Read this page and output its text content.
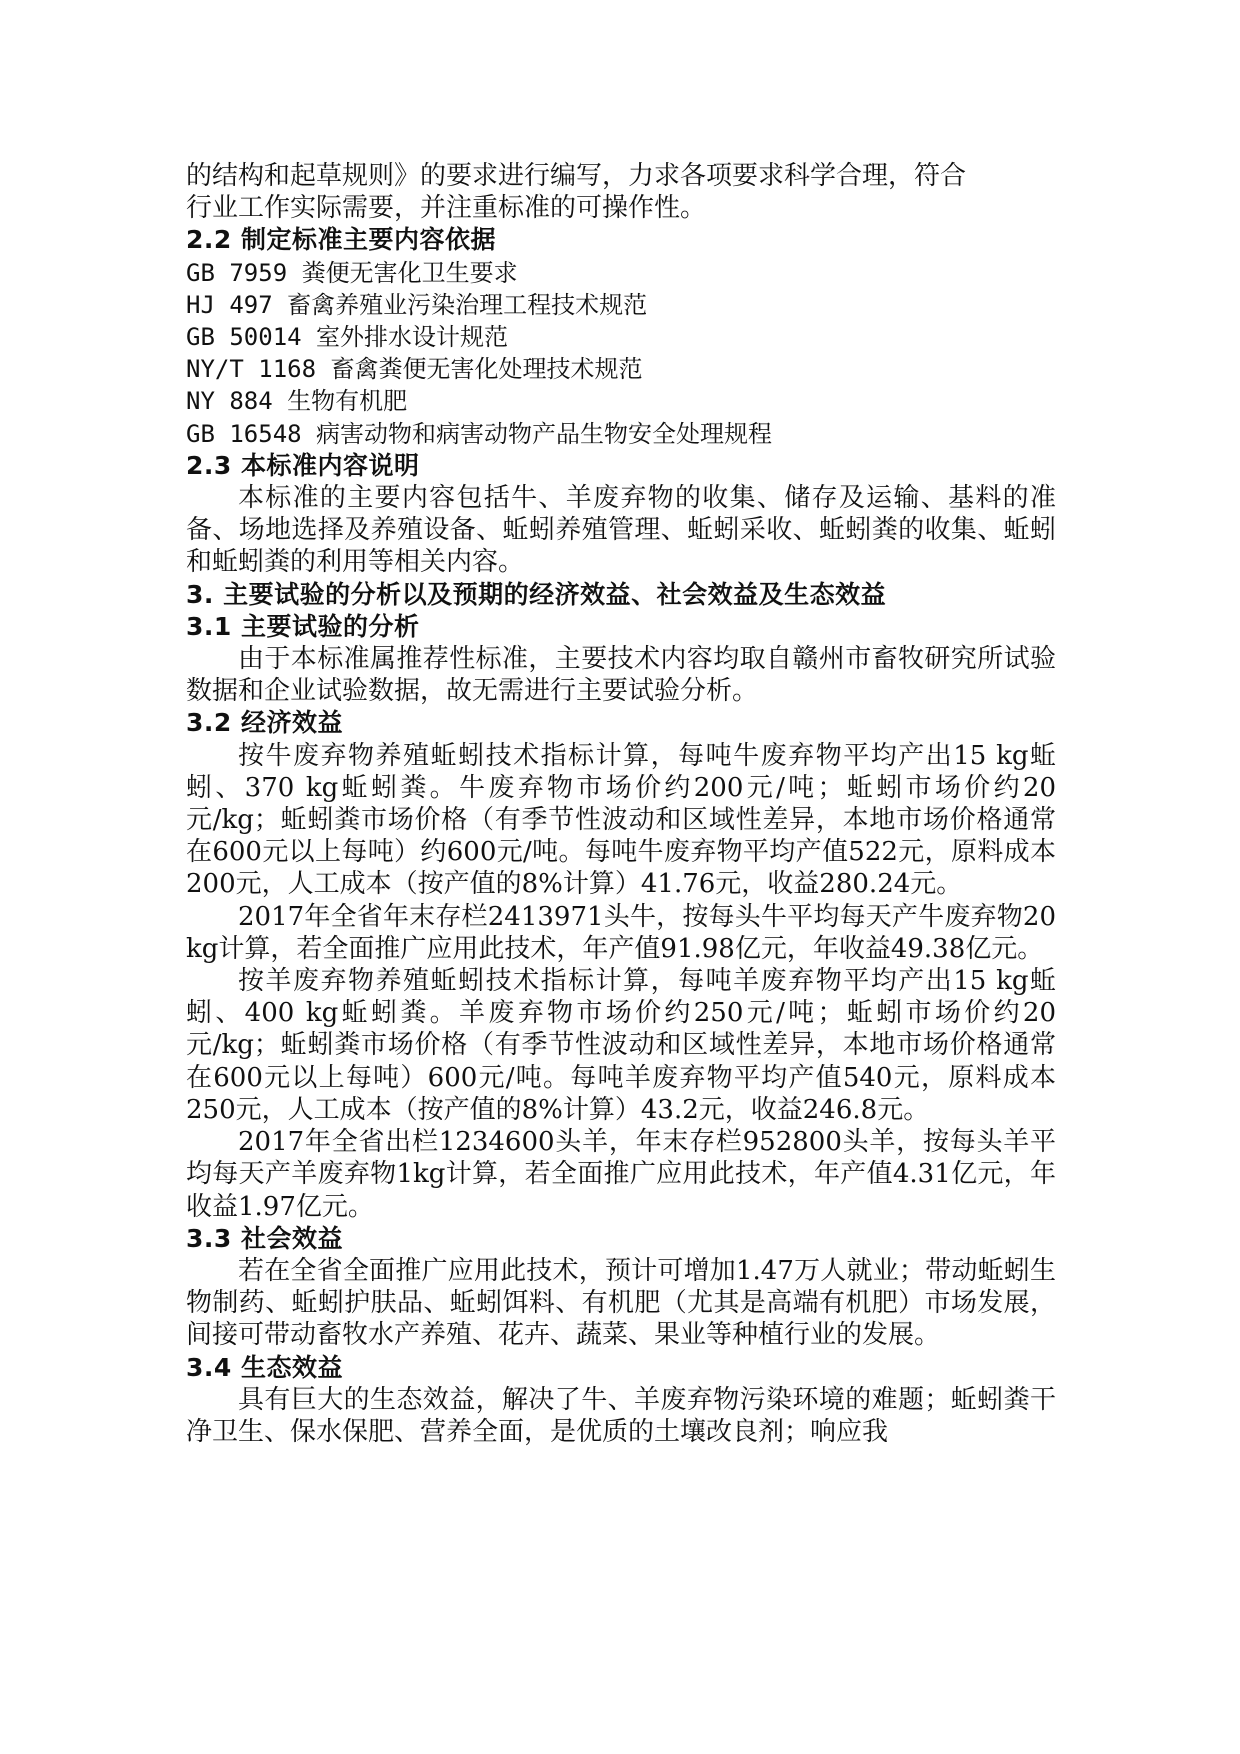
的结构和起草规则》的要求进行编写，力求各项要求科学合理，符合

行业工作实际需要，并注重标准的可操作性。

2.2 制定标准主要内容依据

GB 7959 粪便无害化卫生要求

HJ 497 畜禽养殖业污染治理工程技术规范

GB 50014 室外排水设计规范

NY/T 1168 畜禽粪便无害化处理技术规范

NY 884 生物有机肥

GB 16548 病害动物和病害动物产品生物安全处理规程

2.3 本标准内容说明

本标准的主要内容包括牛、羊废弃物的收集、储存及运输、基料的准备、场地选择及养殖设备、蚯蚓养殖管理、蚯蚓采收、蚯蚓粪的收集、蚯蚓和蚯蚓粪的利用等相关内容。

3. 主要试验的分析以及预期的经济效益、社会效益及生态效益
3.1 主要试验的分析

由于本标准属推荐性标准，主要技术内容均取自赣州市畜牧研究所试验数据和企业试验数据，故无需进行主要试验分析。

3.2 经济效益

按牛废弃物养殖蚯蚓技术指标计算，每吨牛废弃物平均产出15 kg蚯蚓、370 kg蚯蚓粪。牛废弃物市场价约200元/吨；蚯蚓市场价约20元/kg；蚯蚓粪市场价格（有季节性波动和区域性差异，本地市场价格通常在600元以上每吨）约600元/吨。每吨牛废弃物平均产值522元，原料成本200元，人工成本（按产值的8%计算）41.76元，收益280.24元。

2017年全省年末存栏2413971头牛，按每头牛平均每天产牛废弃物20 kg计算，若全面推广应用此技术，年产值91.98亿元，年收益49.38亿元。

按羊废弃物养殖蚯蚓技术指标计算，每吨羊废弃物平均产出15 kg蚯蚓、400 kg蚯蚓粪。羊废弃物市场价约250元/吨；蚯蚓市场价约20元/kg；蚯蚓粪市场价格（有季节性波动和区域性差异，本地市场价格通常在600元以上每吨）600元/吨。每吨羊废弃物平均产值540元，原料成本250元，人工成本（按产值的8%计算）43.2元，收益246.8元。

2017年全省出栏1234600头羊，年末存栏952800头羊，按每头羊平均每天产羊废弃物1kg计算，若全面推广应用此技术，年产值4.31亿元，年收益1.97亿元。

3.3 社会效益

若在全省全面推广应用此技术，预计可增加1.47万人就业；带动蚯蚓生物制药、蚯蚓护肤品、蚯蚓饵料、有机肥（尤其是高端有机肥）市场发展，间接可带动畜牧水产养殖、花卉、蔬菜、果业等种植行业的发展。

3.4 生态效益

具有巨大的生态效益，解决了牛、羊废弃物污染环境的难题；蚯蚓粪干净卫生、保水保肥、营养全面，是优质的土壤改良剂；响应我
